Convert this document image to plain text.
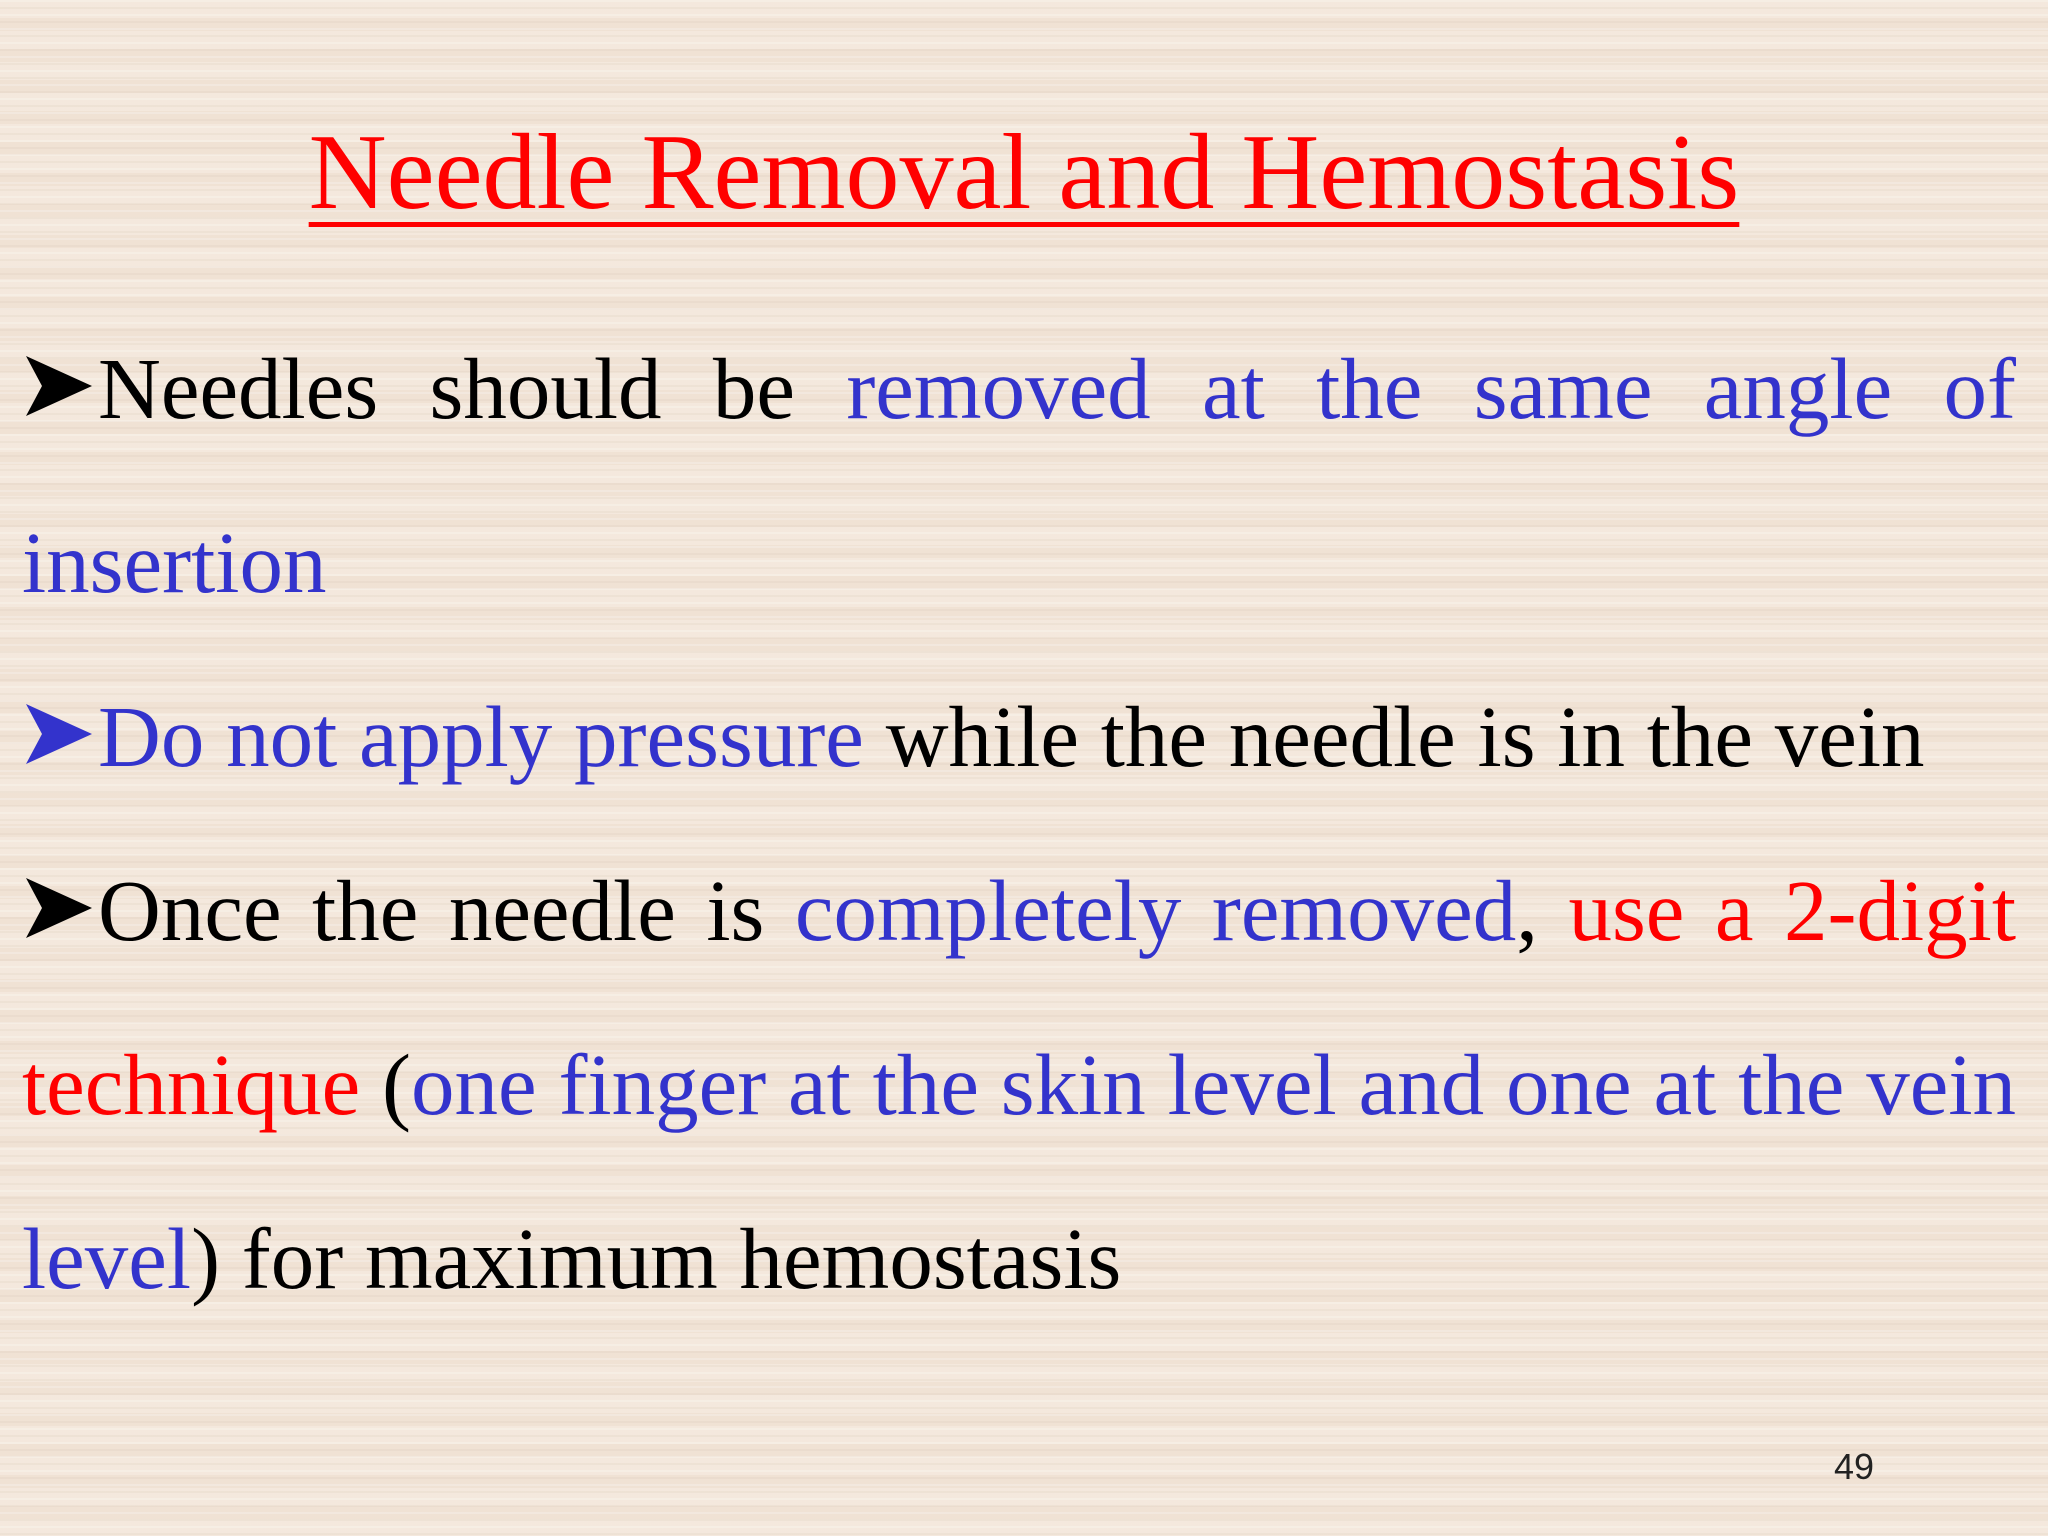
Needle Removal and Hemostasis
Needles should be removed at the same angle of insertion
Do not apply pressure while the needle is in the vein
Once the needle is completely removed, use a 2-digit technique (one finger at the skin level and one at the vein level) for maximum hemostasis
49
